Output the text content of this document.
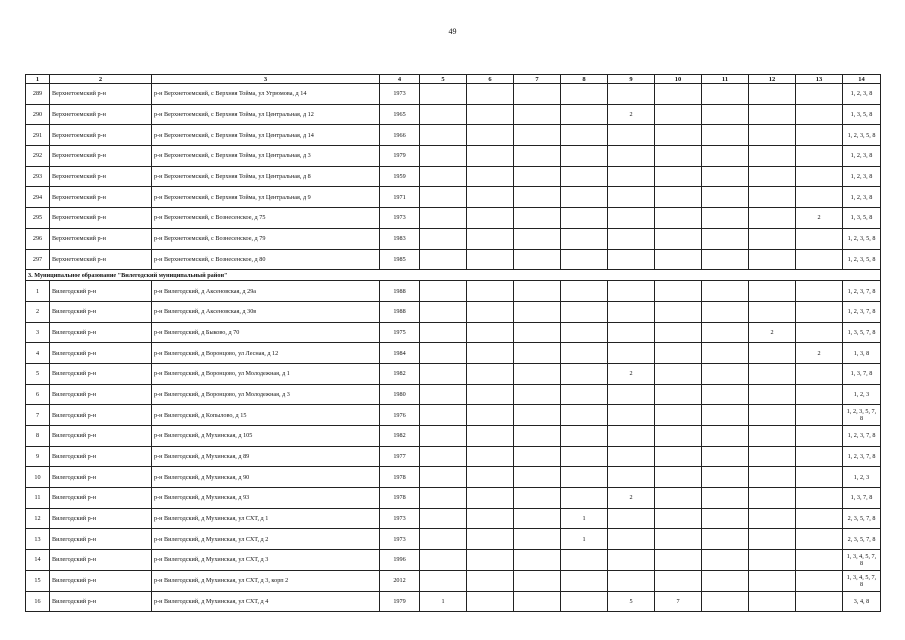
49
1	2	3	4	5	6	7	8	9	10	11	12	13	14
289	Верхнетоемский р-н	р-н Верхнетоемский, с Верхняя Тойма, ул Угрюмова, д 14	1973										1, 2, 3, 8
290	Верхнетоемский р-н	р-н Верхнетоемский, с Верхняя Тойма, ул Центральная, д 12	1965					2					1, 3, 5, 8
291	Верхнетоемский р-н	р-н Верхнетоемский, с Верхняя Тойма, ул Центральная, д 14	1966										1, 2, 3, 5, 8
292	Верхнетоемский р-н	р-н Верхнетоемский, с Верхняя Тойма, ул Центральная, д 3	1979										1, 2, 3, 8
293	Верхнетоемский р-н	р-н Верхнетоемский, с Верхняя Тойма, ул Центральная, д 8	1959										1, 2, 3, 8
294	Верхнетоемский р-н	р-н Верхнетоемский, с Верхняя Тойма, ул Центральная, д 9	1971										1, 2, 3, 8
295	Верхнетоемский р-н	р-н Верхнетоемский, с Вознесенское, д 75	1973									2	1, 3, 5, 8
296	Верхнетоемский р-н	р-н Верхнетоемский, с Вознесенское, д 79	1983										1, 2, 3, 5, 8
297	Верхнетоемский р-н	р-н Верхнетоемский, с Вознесенское, д 80	1985										1, 2, 3, 5, 8
3. Муниципальное образование "Вилегодский муниципальный район"													
1	Вилегодский р-н	р-н Вилегодский, д Аксеновская, д 29а	1988										1, 2, 3, 7, 8
2	Вилегодский р-н	р-н Вилегодский, д Аксеновская, д 30в	1988										1, 2, 3, 7, 8
3	Вилегодский р-н	р-н Вилегодский, д Быково, д 70	1975								2		1, 3, 5, 7, 8
4	Вилегодский р-н	р-н Вилегодский, д Воронцово, ул Лесная, д 12	1984									2	1, 3, 8
5	Вилегодский р-н	р-н Вилегодский, д Воронцово, ул Молодежная, д 1	1982					2					1, 3, 7, 8
6	Вилегодский р-н	р-н Вилегодский, д Воронцово, ул Молодежная, д 3	1980										1, 2, 3
7	Вилегодский р-н	р-н Вилегодский, д Копылово, д 15	1976										1, 2, 3, 5, 7, 8
8	Вилегодский р-н	р-н Вилегодский, д Мухинская, д 105	1982										1, 2, 3, 7, 8
9	Вилегодский р-н	р-н Вилегодский, д Мухинская, д 89	1977										1, 2, 3, 7, 8
10	Вилегодский р-н	р-н Вилегодский, д Мухинская, д 90	1978										1, 2, 3
11	Вилегодский р-н	р-н Вилегодский, д Мухинская, д 93	1978					2					1, 3, 7, 8
12	Вилегодский р-н	р-н Вилегодский, д Мухинская, ул СХТ, д 1	1973				1						2, 3, 5, 7, 8
13	Вилегодский р-н	р-н Вилегодский, д Мухинская, ул СХТ, д 2	1973				1						2, 3, 5, 7, 8
14	Вилегодский р-н	р-н Вилегодский, д Мухинская, ул СХТ, д 3	1996										1, 3, 4, 5, 7, 8
15	Вилегодский р-н	р-н Вилегодский, д Мухинская, ул СХТ, д 3, корп 2	2012										1, 3, 4, 5, 7, 8
16	Вилегодский р-н	р-н Вилегодский, д Мухинская, ул СХТ, д 4	1979	1				5	7				3, 4, 8
